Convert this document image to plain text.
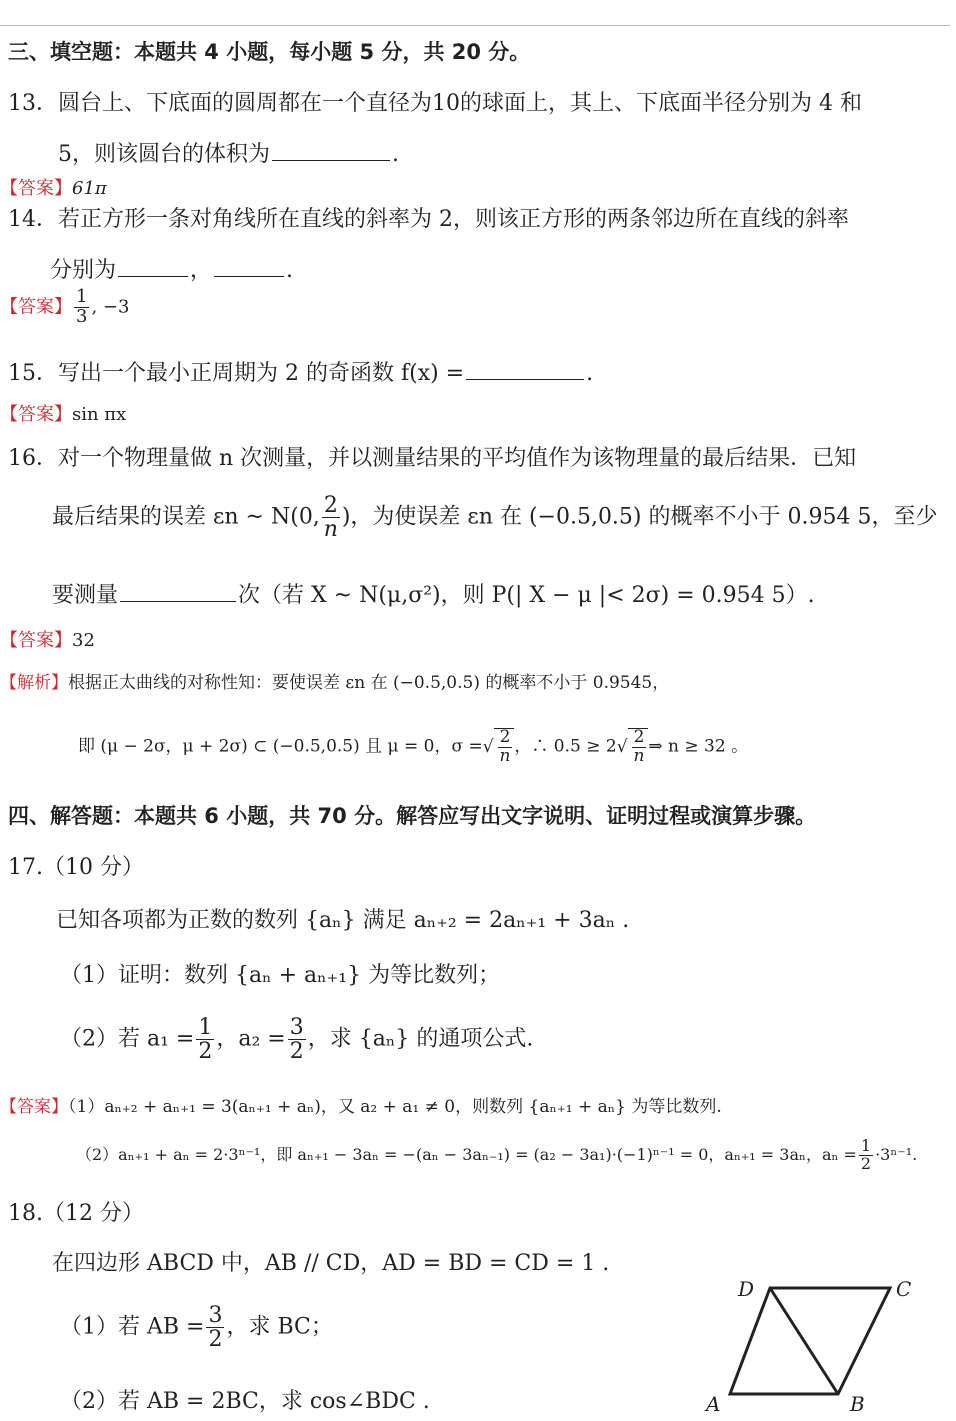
三、填空题：本题共 4 小题，每小题 5 分，共 20 分。
13．圆台上、下底面的圆周都在一个直径为10的球面上，其上、下底面半径分别为 4 和
5，则该圆台的体积为	.
【答案】61π
14．若正方形一条对角线所在直线的斜率为 2，则该正方形的两条邻边所在直线的斜率
分别为	，	.
【答案】 $\frac{1}{3}$ , −3
15．写出一个最小正周期为 2 的奇函数 f(x) =	.
【答案】sin πx
16．对一个物理量做 n 次测量，并以测量结果的平均值作为该物理量的最后结果．已知
最后结果的误差 εn ~ N(0, $\frac{2}{n}$)，为使误差 εn 在 (−0.5,0.5) 的概率不小于 0.954 5，至少
要测量	次（若 X ~ N(μ,σ²)，则 P(| X − μ |< 2σ) = 0.954 5）.
【答案】32
【解析】根据正太曲线的对称性知：要使误差 εn 在 (−0.5,0.5) 的概率不小于 0.9545，
即 (μ − 2σ，μ + 2σ) ⊂ (−0.5,0.5) 且 μ = 0，σ =√ $\frac{2}{n}$ ，∴ $0.5 \ge 2√ \frac{2}{n}$ ⇒ n ≥ 32 。
四、解答题：本题共 6 小题，共 70 分。解答应写出文字说明、证明过程或演算步骤。
17.（10 分）
已知各项都为正数的数列 {aₙ} 满足 aₙ₊₂ = 2aₙ₊₁ + 3aₙ .
（1）证明：数列 {aₙ + aₙ₊₁} 为等比数列；
（2）若 $a_1 = \frac{1}{2}$ ，$a_2 = \frac{3}{2}$ ，求 {aₙ} 的通项公式.
【答案】（1）aₙ₊₂ + aₙ₊₁ = 3(aₙ₊₁ + aₙ)，又 a₂ + a₁ ≠ 0，则数列 {aₙ₊₁ + aₙ} 为等比数列.
（2）aₙ₊₁ + aₙ = 2·3ⁿ⁻¹，即 aₙ₊₁ − 3aₙ = −(aₙ − 3aₙ₋₁) = (a₂ − 3a₁)·(−1)ⁿ⁻¹ = 0，aₙ₊₁ = 3aₙ，$a_n = \frac{1}{2} \cdot 3^{n-1}$.
18.（12 分）
在四边形 ABCD 中，AB // CD，AD = BD = CD = 1 .
（1）若 AB = $\frac{3}{2}$ ，求 BC；
（2）若 AB = 2BC，求 cos∠BDC .
D	C
A	B
